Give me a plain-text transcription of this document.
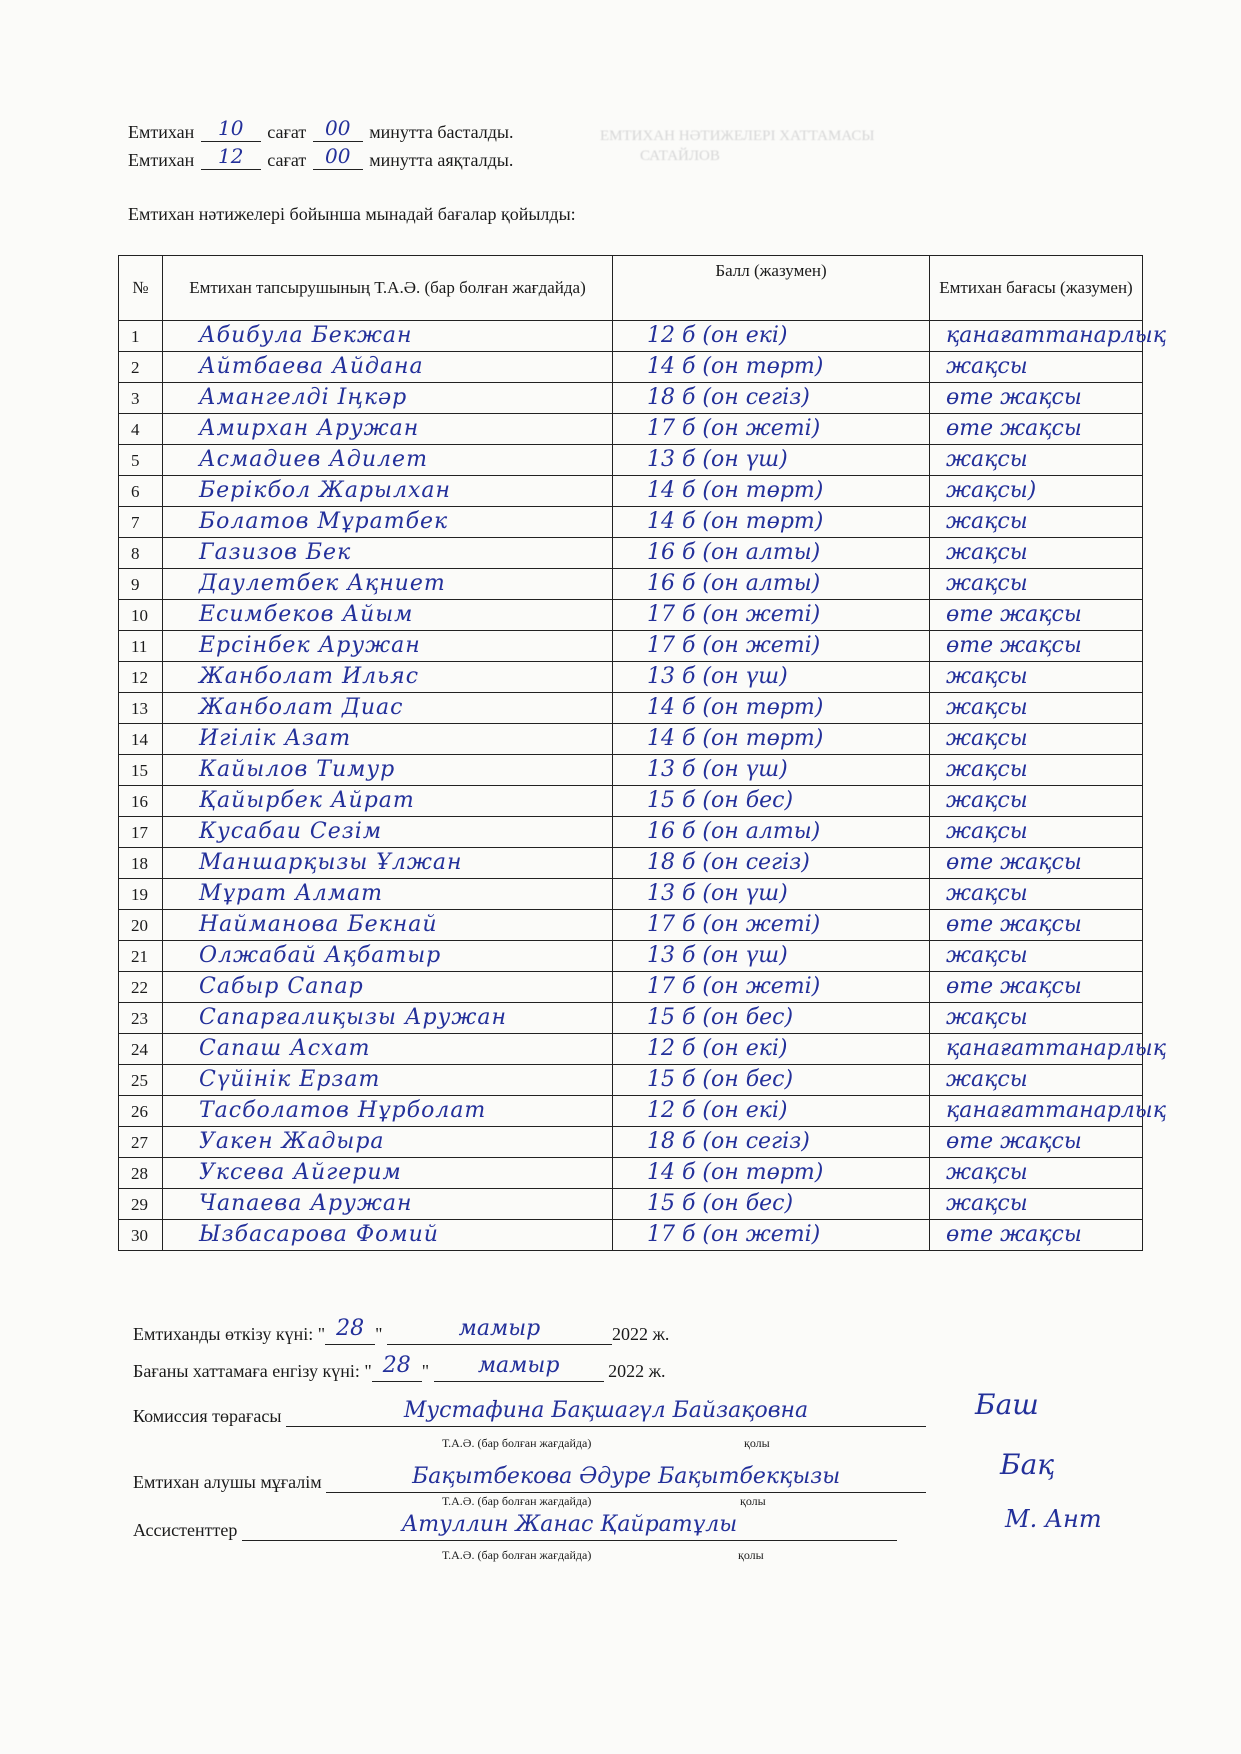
ЕМТИХАН НӘТИЖЕЛЕРІ ХАТТАМАСЫ
САТАЙЛОВ
Емтихан 10 сағат 00 минутта басталды.
Емтихан 12 сағат 00 минутта аяқталды.
Емтихан нәтижелері бойынша мынадай бағалар қойылды:
№	Емтихан тапсырушының Т.А.Ә. (бар болған жағдайда)	Балл (жазумен)	Емтихан бағасы (жазумен)
1	Абибула Бекжан	12 б (он екі)	қанағаттанарлық
2	Айтбаева Айдана	14 б (он төрт)	жақсы
3	Амангелді Іңкәр	18 б (он сегіз)	өте жақсы
4	Амирхан Аружан	17 б (он жеті)	өте жақсы
5	Асмадиев Адилет	13 б (он үш)	жақсы
6	Берікбол Жарылхан	14 б (он төрт)	жақсы)
7	Болатов Мұратбек	14 б (он төрт)	жақсы
8	Газизов Бек	16 б (он алты)	жақсы
9	Даулетбек Ақниет	16 б (он алты)	жақсы
10	Есимбеков Айым	17 б (он жеті)	өте жақсы
11	Ерсінбек Аружан	17 б (он жеті)	өте жақсы
12	Жанболат Ильяс	13 б (он үш)	жақсы
13	Жанболат Диас	14 б (он төрт)	жақсы
14	Игілік Азат	14 б (он төрт)	жақсы
15	Кайылов Тимур	13 б (он үш)	жақсы
16	Қайырбек Айрат	15 б (он бес)	жақсы
17	Кусабаи Сезім	16 б (он алты)	жақсы
18	Маншарқызы Ұлжан	18 б (он сегіз)	өте жақсы
19	Мұрат Алмат	13 б (он үш)	жақсы
20	Найманова Бекнай	17 б (он жеті)	өте жақсы
21	Олжабай Ақбатыр	13 б (он үш)	жақсы
22	Сабыр Сапар	17 б (он жеті)	өте жақсы
23	Сапарғалиқызы Аружан	15 б (он бес)	жақсы
24	Сапаш Асхат	12 б (он екі)	қанағаттанарлық
25	Сүйінік Ерзат	15 б (он бес)	жақсы
26	Тасболатов Нұрболат	12 б (он екі)	қанағаттанарлық
27	Уакен Жадыра	18 б (он сегіз)	өте жақсы
28	Уксева Айгерим	14 б (он төрт)	жақсы
29	Чапаева Аружан	15 б (он бес)	жақсы
30	Ызбасарова Фомий	17 б (он жеті)	өте жақсы
Емтиханды өткізу күні: " 28 "	мамыр	2022 ж.
Бағаны хаттамаға енгізу күні: " 28 " мамыр	2022 ж.
Комиссия төрағасы	Мустафина Бақшагүл Байзақовна
Т.А.Ә. (бар болған жағдайда)	қолы
Баш
Емтихан алушы мұғалім	Бақытбекова Әдуре Бақытбекқызы
Т.А.Ә. (бар болған жағдайда)	қолы
Бақ
Ассистенттер	Атуллин Жанас Қайратұлы
Т.А.Ә. (бар болған жағдайда)	қолы
М. Ант
